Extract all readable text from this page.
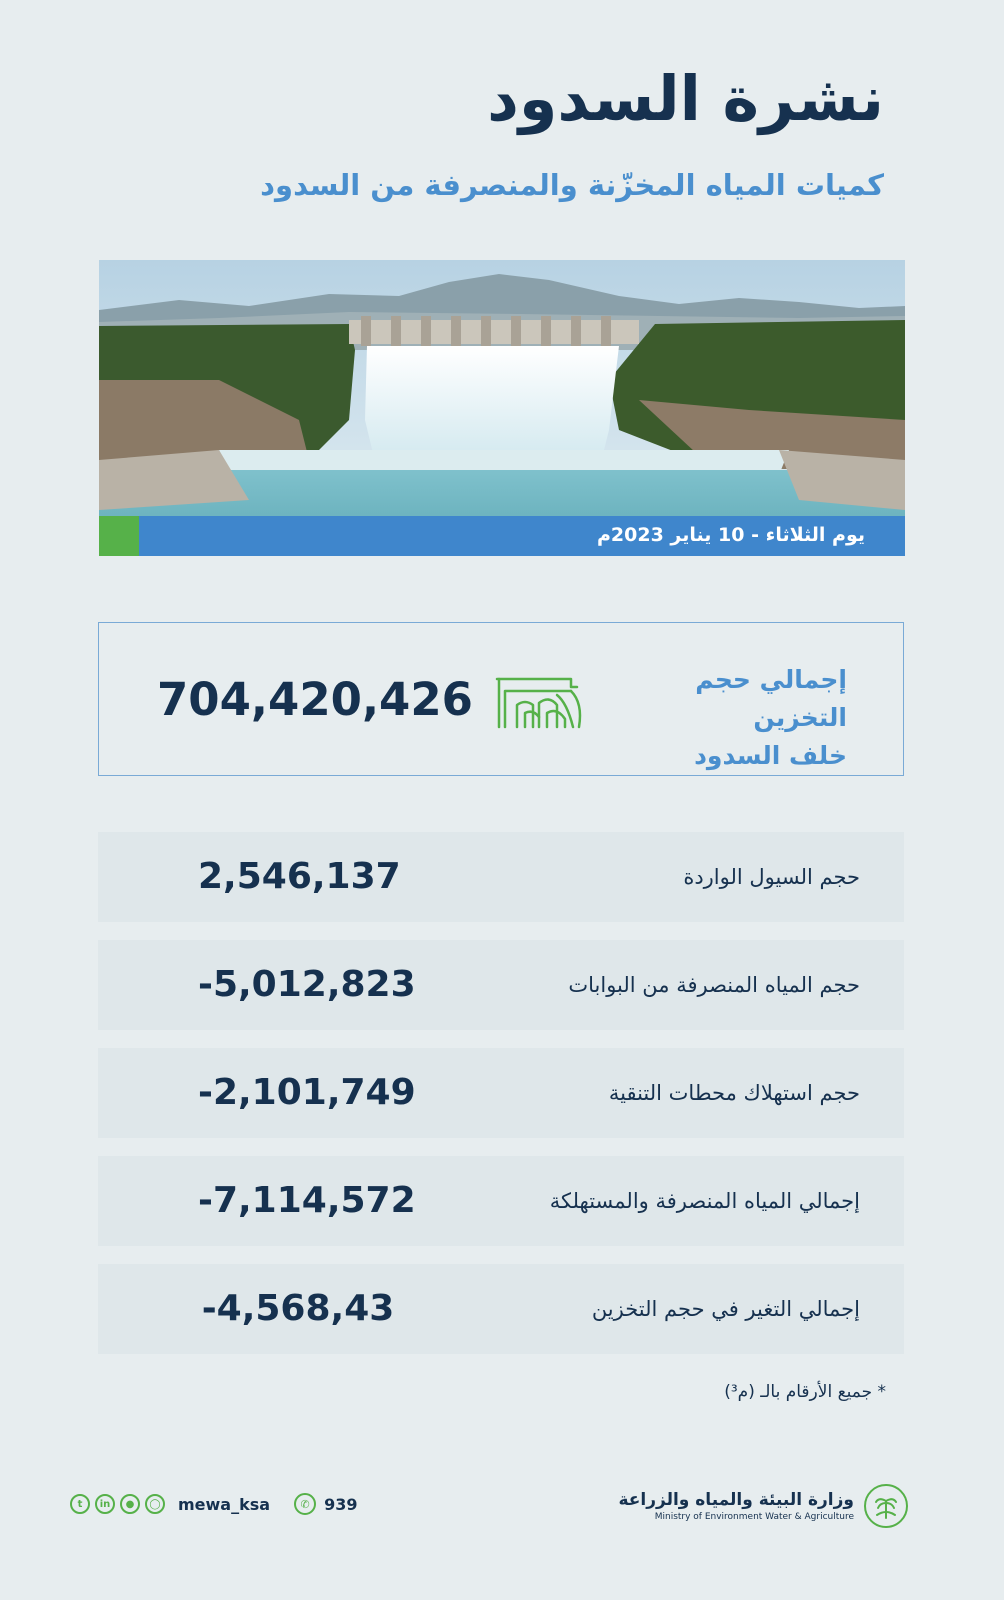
نشرة السدود
كميات المياه المخزّنة والمنصرفة من السدود
يوم الثلاثاء - 10 يناير 2023م
إجمالي حجم التخزين
خلف السدود
704,420,426
حجم السيول الواردة
2,546,137
حجم المياه المنصرفة من البوابات
-5,012,823
حجم استهلاك محطات التنقية
-2,101,749
إجمالي المياه المنصرفة والمستهلكة
-7,114,572
إجمالي التغير في حجم التخزين
-4,568,43
* جميع الأرقام بالـ (م³)
t	in	●	◯ mewa_ksa	✆ 939	وزارة البيئة والمياه والزراعة
Ministry of Environment Water & Agriculture
